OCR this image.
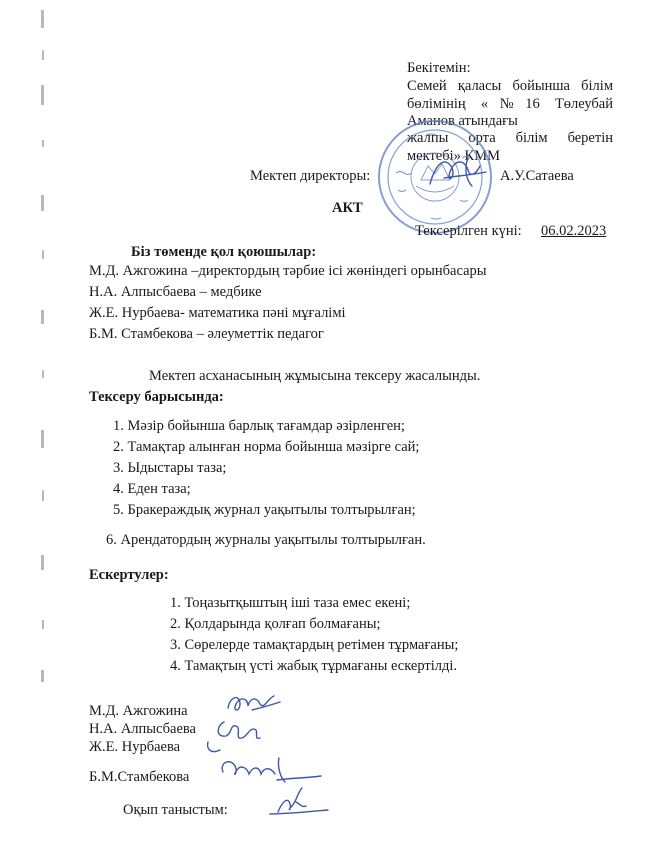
Бекітемін:
Семей қаласы бойынша білім
бөлімінің «№16 Төлеубай
Аманов атындағы
жалпы орта білім беретін
мектебі» КММ
Мектеп директоры:	А.У.Сатаева
АКТ
Тексерілген күні: 06.02.2023
Біз төменде қол қоюшылар:
М.Д. Ажгожина –директордың тәрбие ісі жөніндегі орынбасары
Н.А. Алпысбаева – медбике
Ж.Е. Нурбаева- математика пәні мұғалімі
Б.М. Стамбекова – әлеуметтік педагог
Мектеп асханасының жұмысына тексеру жасалынды.
Тексеру барысында:
1. Мәзір бойынша барлық тағамдар әзірленген;
2. Тамақтар алынған норма бойынша мәзірге сай;
3. Ыдыстары таза;
4. Еден таза;
5. Бракераждық журнал уақытылы толтырылған;
6. Арендатордың журналы уақытылы толтырылған.
Ескертулер:
1. Тоңазытқыштың іші таза емес екені;
2. Қолдарында қолғап болмағаны;
3. Сөрелерде тамақтардың ретімен тұрмағаны;
4. Тамақтың үсті жабық тұрмағаны ескертілді.
М.Д. Ажгожина
Н.А. Алпысбаева
Ж.Е. Нурбаева
Б.М.Стамбекова
Оқып таныстым:
